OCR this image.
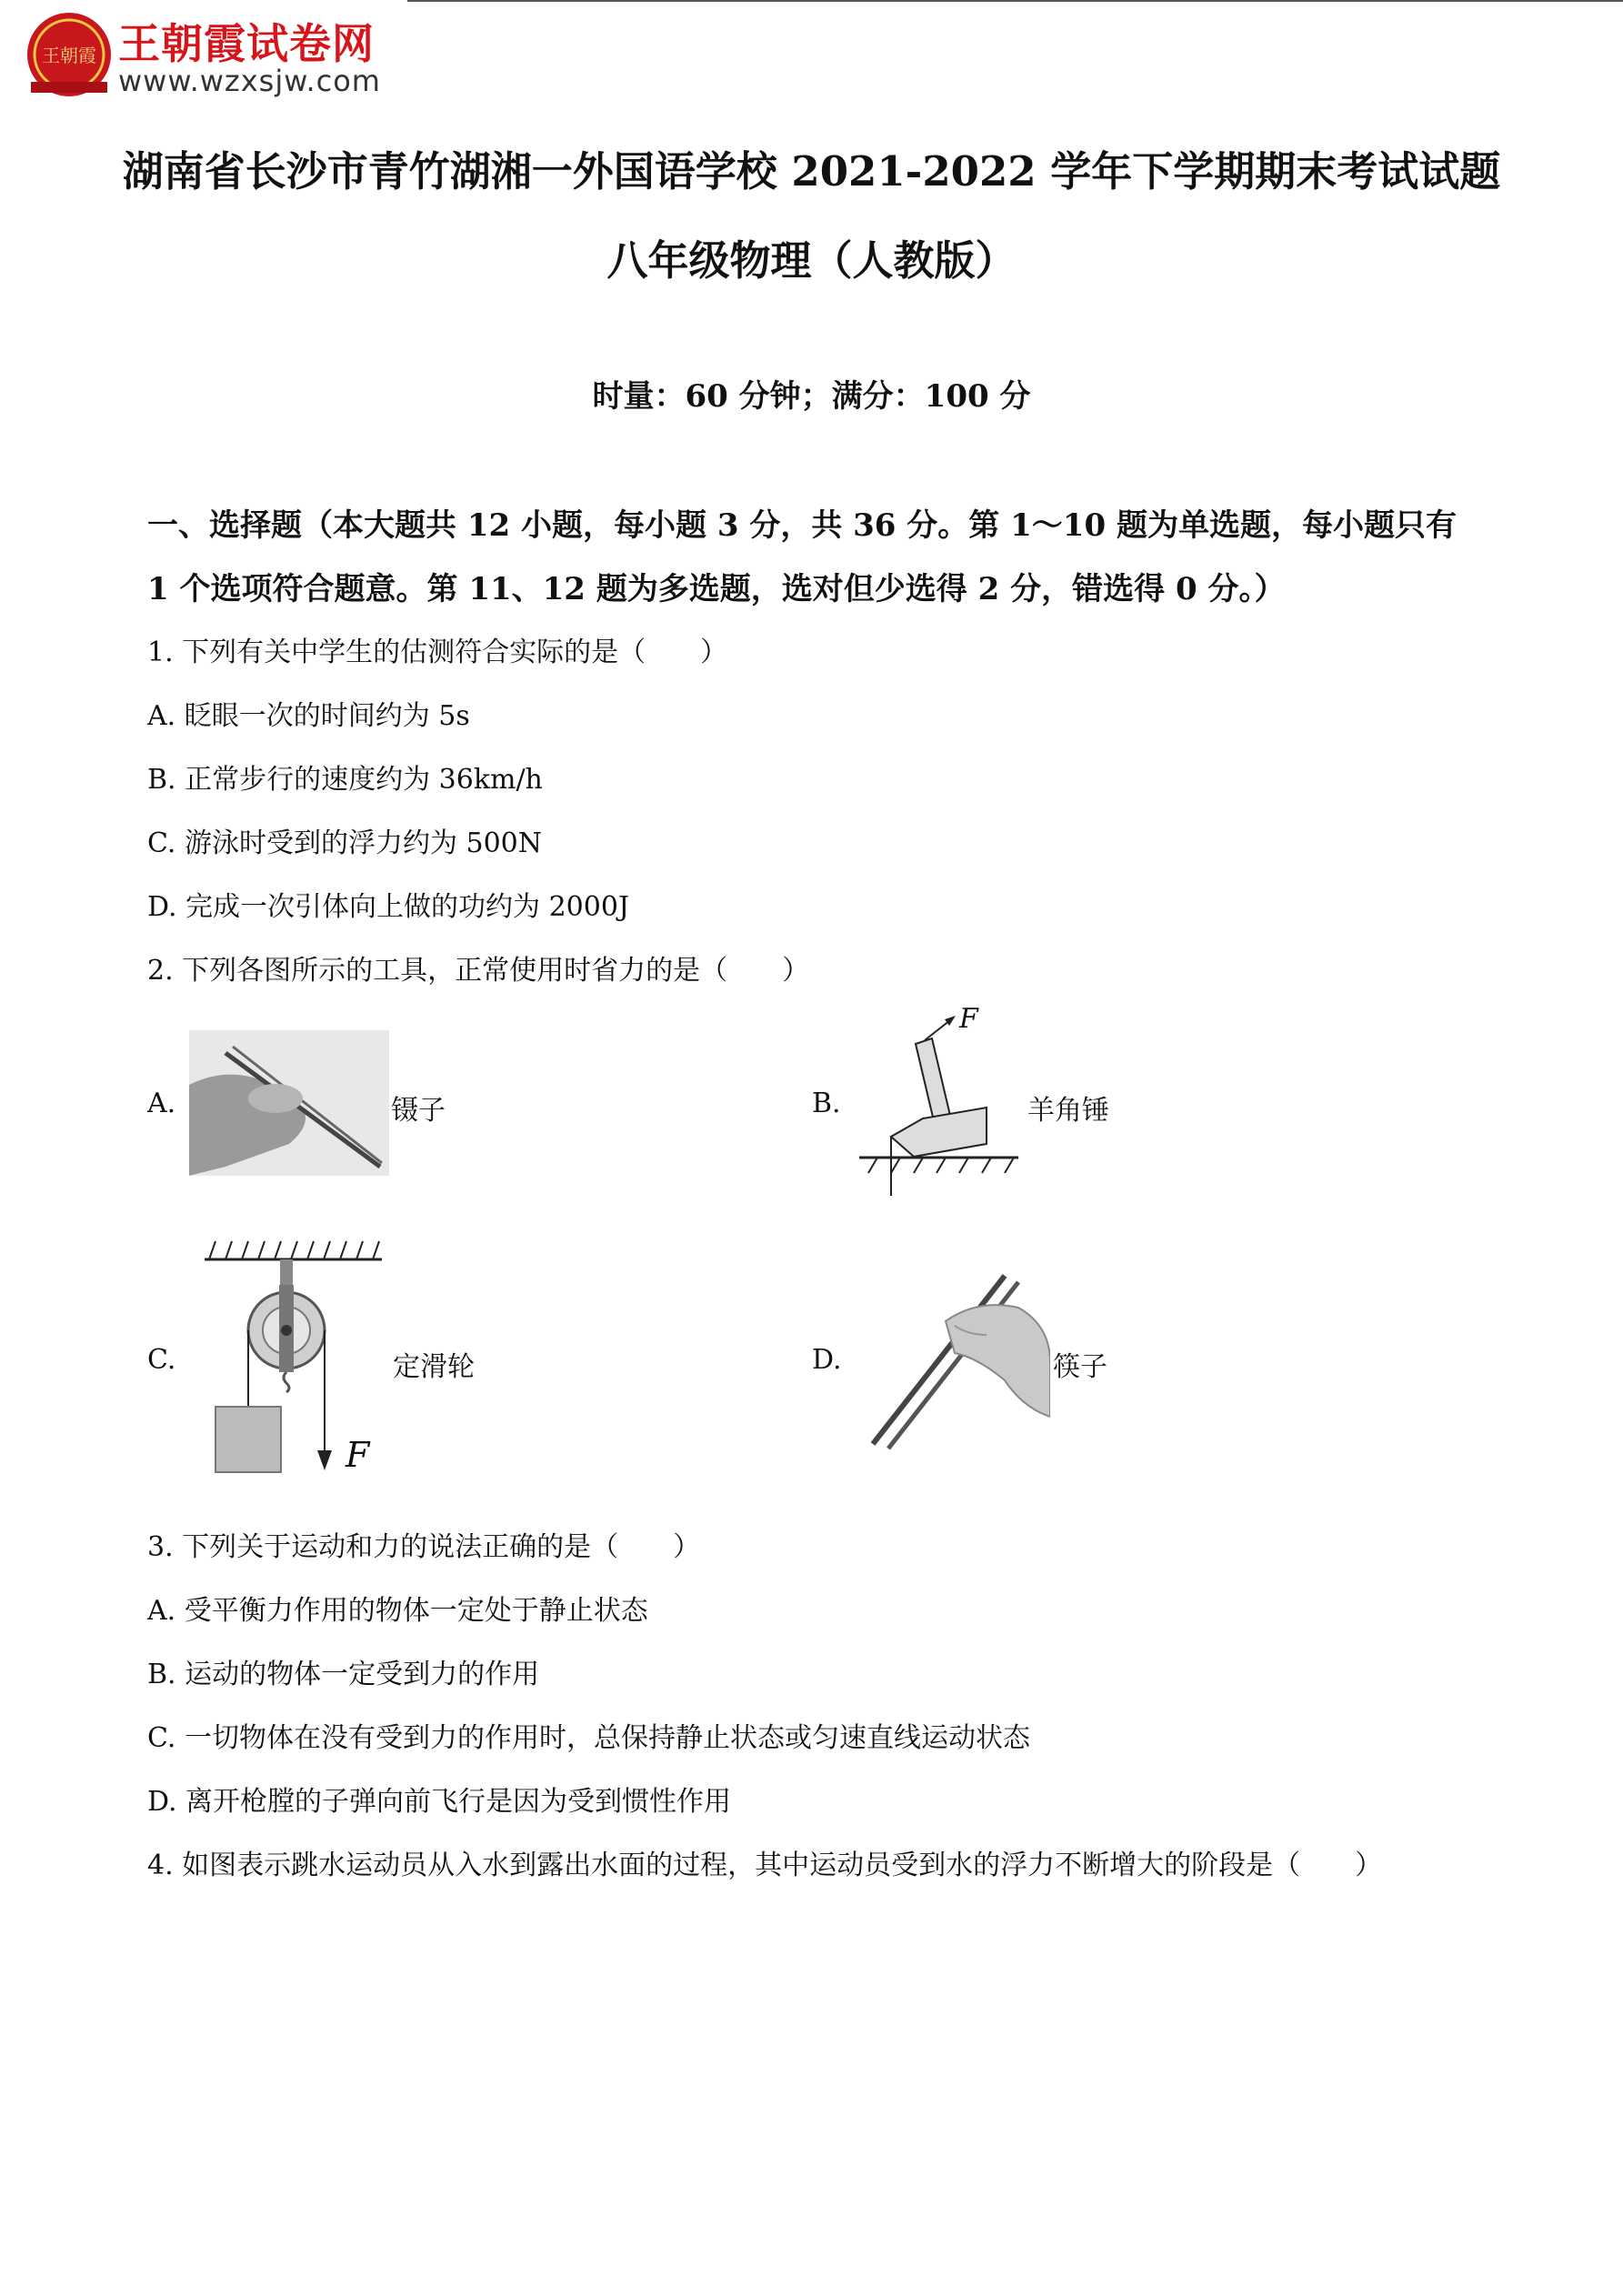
王朝霞 王朝霞试卷网
www.wzxsjw.com
湖南省长沙市青竹湖湘一外国语学校 2021-2022 学年下学期期末考试试题
八年级物理（人教版）
时量：60 分钟；满分：100 分
一、选择题（本大题共 12 小题，每小题 3 分，共 36 分。第 1～10 题为单选题，每小题只有
1 个选项符合题意。第 11、12 题为多选题，选对但少选得 2 分，错选得 0 分。）
1. 下列有关中学生的估测符合实际的是（　　）
A. 眨眼一次的时间约为 5s
B. 正常步行的速度约为 36km/h
C. 游泳时受到的浮力约为 500N
D. 完成一次引体向上做的功约为 2000J
2. 下列各图所示的工具，正常使用时省力的是（　　）
A.	镊子	B.
F
羊角锤
C.
F
定滑轮	D.	筷子
3. 下列关于运动和力的说法正确的是（　　）
A. 受平衡力作用的物体一定处于静止状态
B. 运动的物体一定受到力的作用
C. 一切物体在没有受到力的作用时，总保持静止状态或匀速直线运动状态
D. 离开枪膛的子弹向前飞行是因为受到惯性作用
4. 如图表示跳水运动员从入水到露出水面的过程，其中运动员受到水的浮力不断增大的阶段是（　　）
